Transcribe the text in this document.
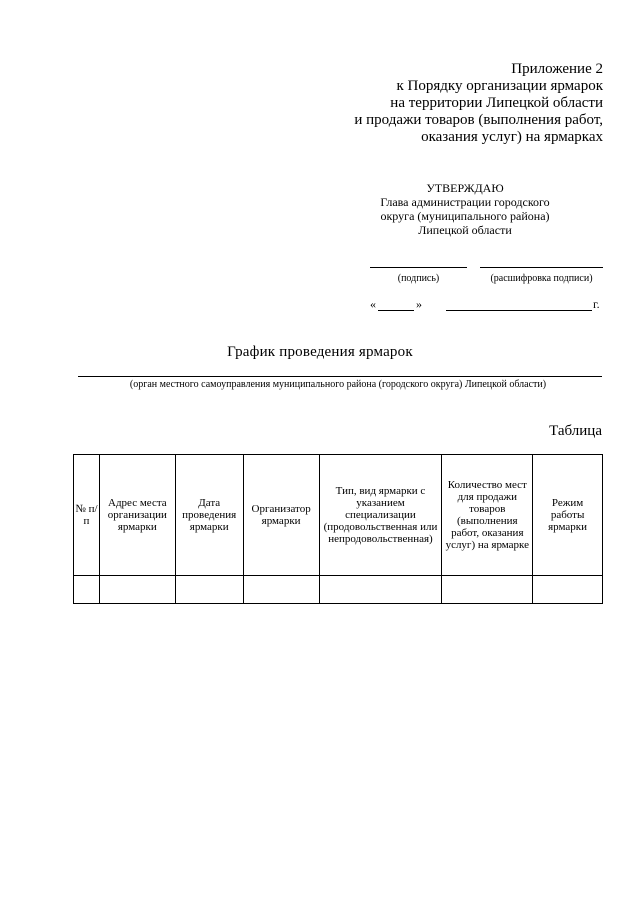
Приложение 2
к Порядку организации ярмарок
на территории Липецкой области
и продажи товаров (выполнения работ,
оказания услуг) на ярмарках
УТВЕРЖДАЮ
Глава администрации городского
округа (муниципального района)
Липецкой области
(подпись)	(расшифровка подписи)
«	»	г.
График проведения ярмарок
(орган местного самоуправления муниципального района (городского округа) Липецкой области)
Таблица
№ п/п	Адрес места организации ярмарки	Дата проведения ярмарки	Организатор ярмарки	Тип, вид ярмарки с указанием специализации (продовольственная или непродовольственная)	Количество мест для продажи товаров (выполнения работ, оказания услуг) на ярмарке	Режим работы ярмарки
